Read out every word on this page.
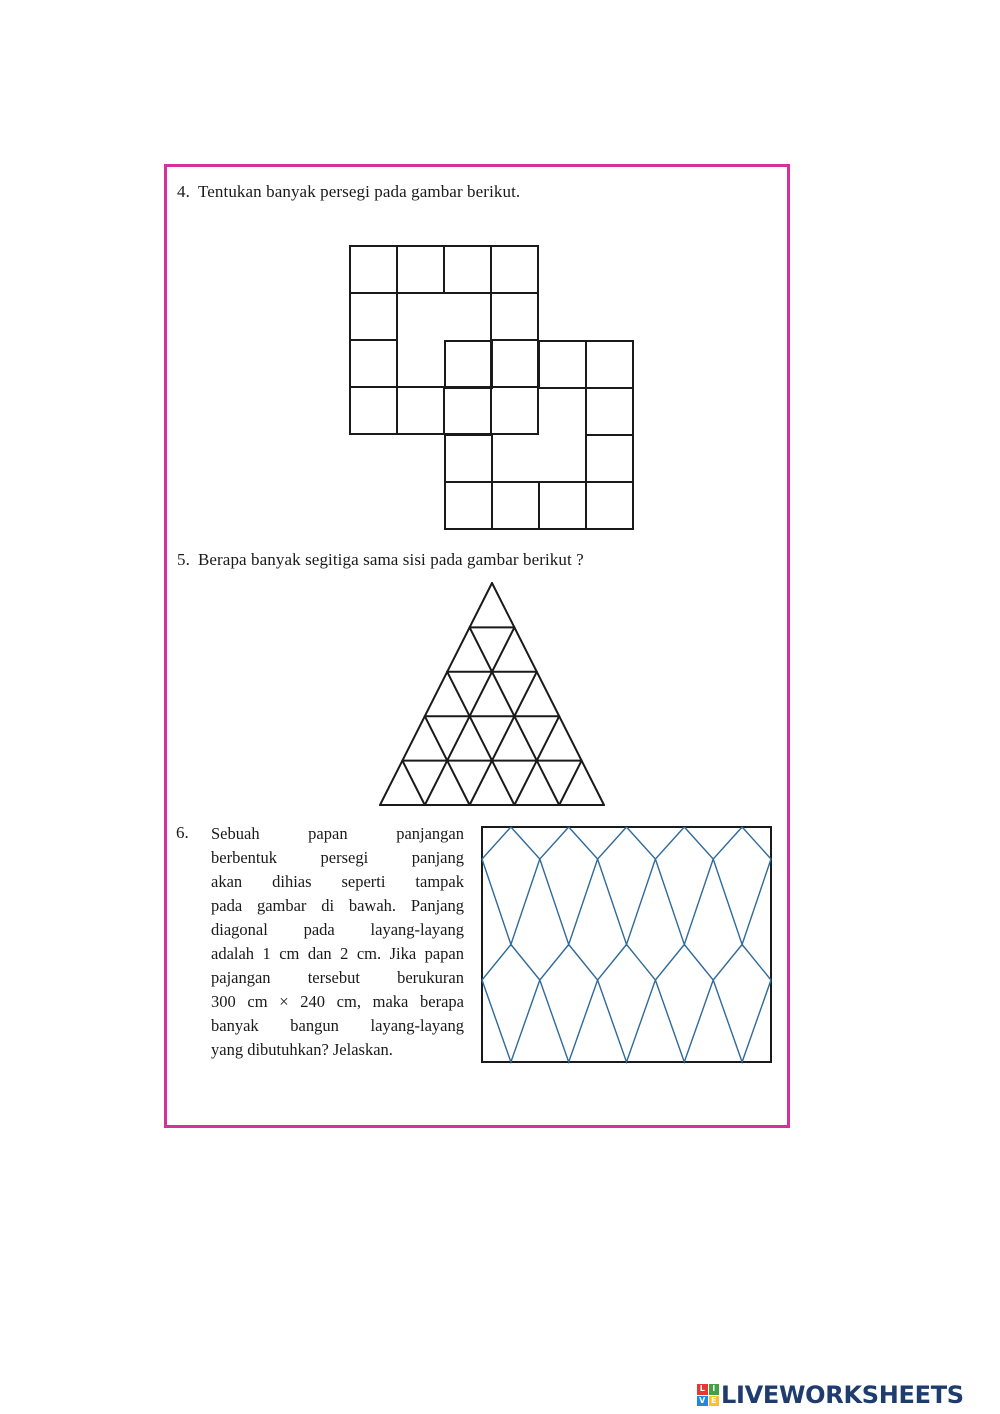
4. Tentukan banyak persegi pada gambar berikut.
5. Berapa banyak segitiga sama sisi pada gambar berikut ?
6. Sebuah papan panjangan
berbentuk persegi panjang
akan dihias seperti tampak
pada gambar di bawah. Panjang
diagonal pada layang-layang
adalah 1 cm dan 2 cm. Jika papan
pajangan tersebut berukuran
300 cm × 240 cm, maka berapa
banyak bangun layang-layang
yang dibutuhkan? Jelaskan.
L I
V E LIVEWORKSHEETS
